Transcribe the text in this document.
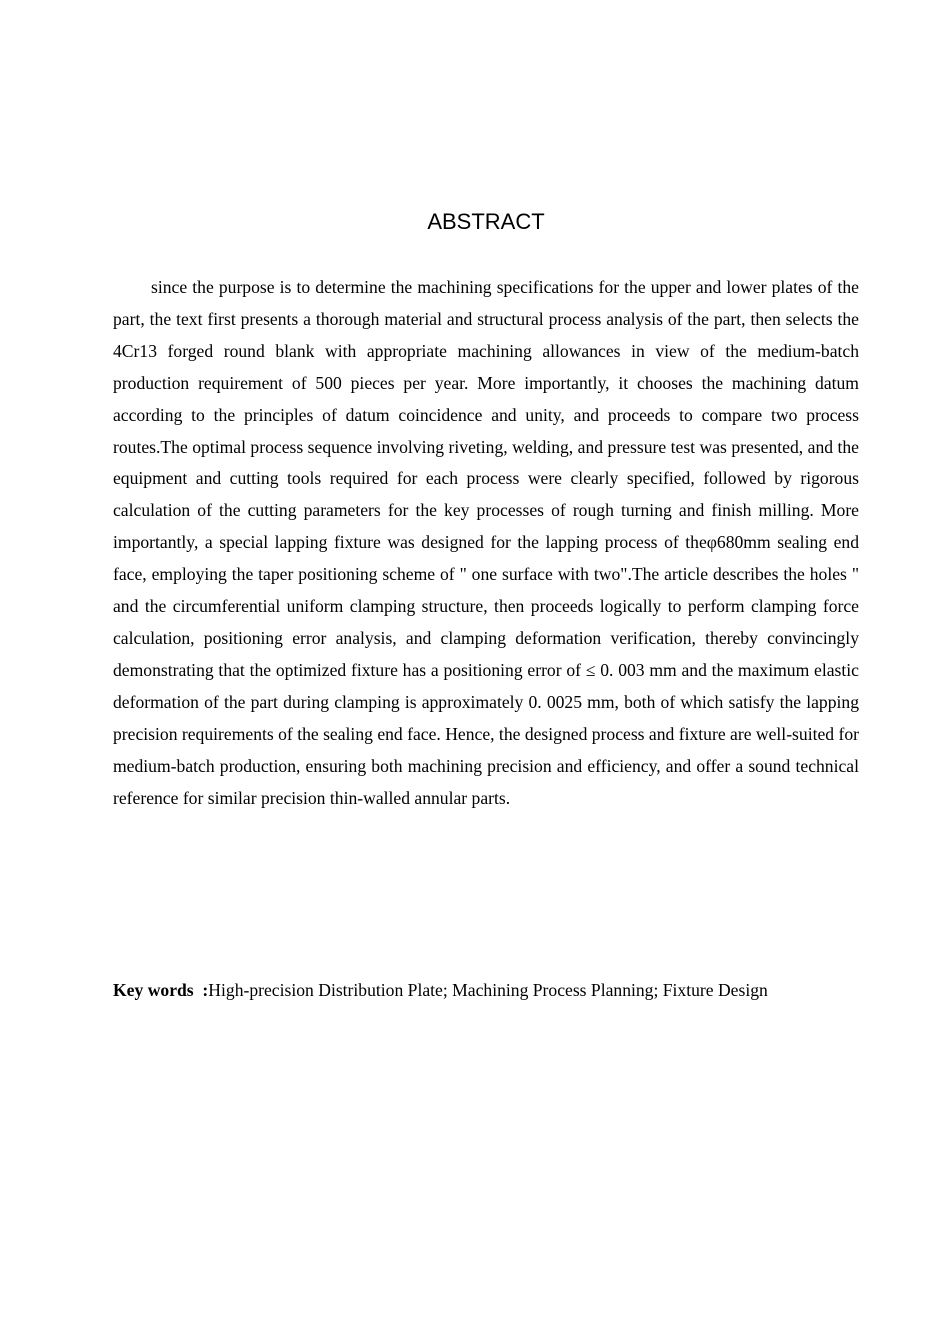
ABSTRACT

since the purpose is to determine the machining specifications for the upper and lower plates of the part, the text first presents a thorough material and structural process analysis of the part, then selects the 4Cr13 forged round blank with appropriate machining allowances in view of the medium-batch production requirement of 500 pieces per year. More importantly, it chooses the machining datum according to the principles of datum coincidence and unity, and proceeds to compare two process routes.The optimal process sequence involving riveting, welding, and pressure test was presented, and the equipment and cutting tools required for each process were clearly specified, followed by rigorous calculation of the cutting parameters for the key processes of rough turning and finish milling. More importantly, a special lapping fixture was designed for the lapping process of theφ680mm sealing end face, employing the taper positioning scheme of " one surface with two".The article describes the holes " and the circumferential uniform clamping structure, then proceeds logically to perform clamping force calculation, positioning error analysis, and clamping deformation verification, thereby convincingly demonstrating that the optimized fixture has a positioning error of ≤ 0. 003 mm and the maximum elastic deformation of the part during clamping is approximately 0. 0025 mm, both of which satisfy the lapping precision requirements of the sealing end face. Hence, the designed process and fixture are well-suited for medium-batch production, ensuring both machining precision and efficiency, and offer a sound technical reference for similar precision thin-walled annular parts.

Key words  :High-precision Distribution Plate; Machining Process Planning; Fixture Design
